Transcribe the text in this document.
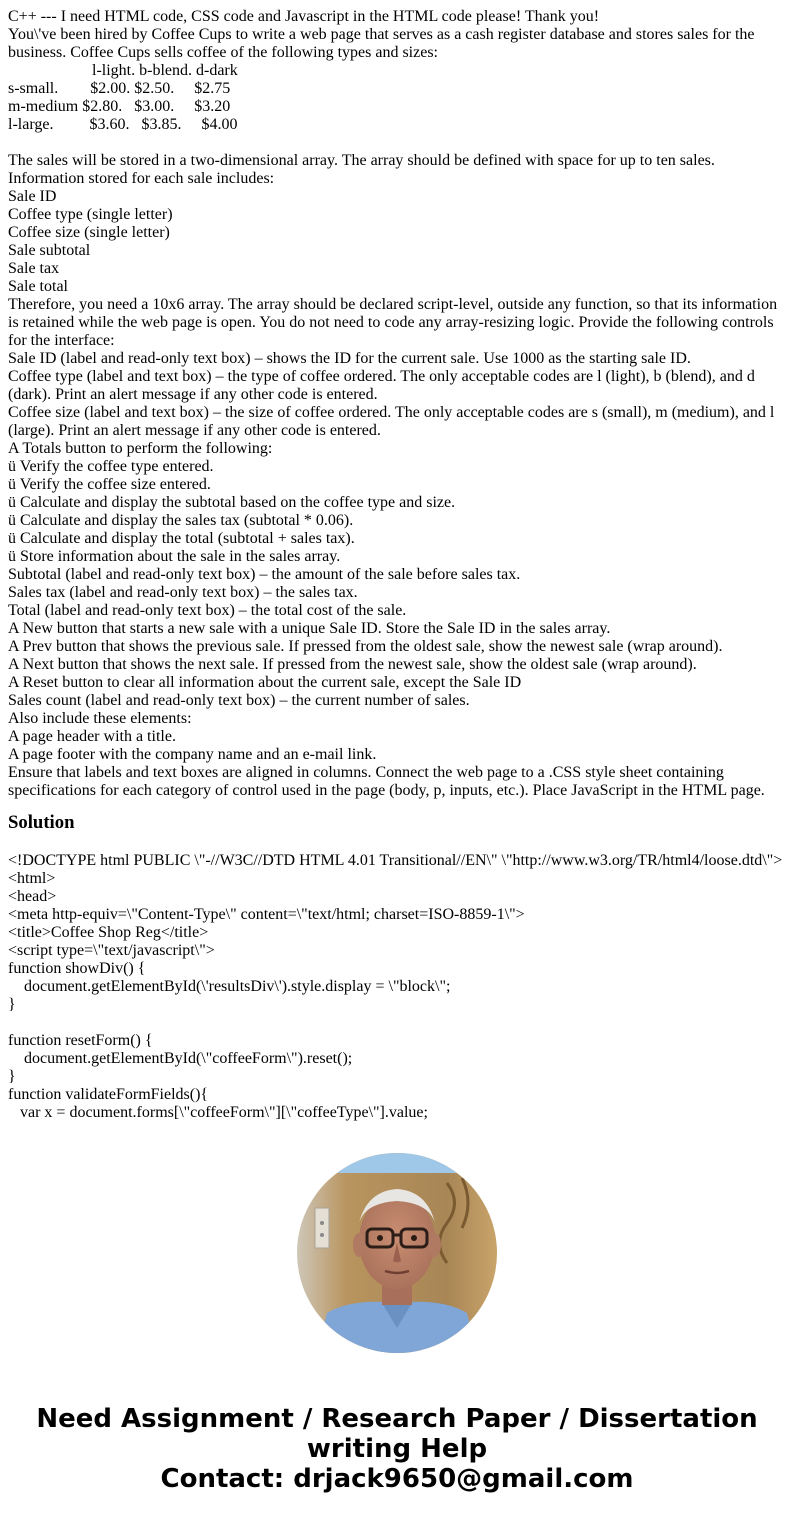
C++ --- I need HTML code, CSS code and Javascript in the HTML code please! Thank you!
You\'ve been hired by Coffee Cups to write a web page that serves as a cash register database and stores sales for the business. Coffee Cups sells coffee of the following types and sizes:
l-light. b-blend. d-dark
s-small.        $2.00. $2.50.     $2.75
m-medium $2.80.   $3.00.     $3.20
l-large.         $3.60.   $3.85.     $4.00
The sales will be stored in a two-dimensional array. The array should be defined with space for up to ten sales. Information stored for each sale includes:
Sale ID
Coffee type (single letter)
Coffee size (single letter)
Sale subtotal
Sale tax
Sale total
Therefore, you need a 10x6 array. The array should be declared script-level, outside any function, so that its information is retained while the web page is open. You do not need to code any array-resizing logic. Provide the following controls for the interface:
Sale ID (label and read-only text box) – shows the ID for the current sale. Use 1000 as the starting sale ID.
Coffee type (label and text box) – the type of coffee ordered. The only acceptable codes are l (light), b (blend), and d (dark). Print an alert message if any other code is entered.
Coffee size (label and text box) – the size of coffee ordered. The only acceptable codes are s (small), m (medium), and l (large). Print an alert message if any other code is entered.
A Totals button to perform the following:
ü Verify the coffee type entered.
ü Verify the coffee size entered.
ü Calculate and display the subtotal based on the coffee type and size.
ü Calculate and display the sales tax (subtotal * 0.06).
ü Calculate and display the total (subtotal + sales tax).
ü Store information about the sale in the sales array.
Subtotal (label and read-only text box) – the amount of the sale before sales tax.
Sales tax (label and read-only text box) – the sales tax.
Total (label and read-only text box) – the total cost of the sale.
A New button that starts a new sale with a unique Sale ID. Store the Sale ID in the sales array.
A Prev button that shows the previous sale. If pressed from the oldest sale, show the newest sale (wrap around).
A Next button that shows the next sale. If pressed from the newest sale, show the oldest sale (wrap around).
A Reset button to clear all information about the current sale, except the Sale ID
Sales count (label and read-only text box) – the current number of sales.
Also include these elements:
A page header with a title.
A page footer with the company name and an e-mail link.
Ensure that labels and text boxes are aligned in columns. Connect the web page to a .CSS style sheet containing specifications for each category of control used in the page (body, p, inputs, etc.). Place JavaScript in the HTML page.
Solution
<!DOCTYPE html PUBLIC \"-//W3C//DTD HTML 4.01 Transitional//EN\" \"http://www.w3.org/TR/html4/loose.dtd\">
<html>
<head>
<meta http-equiv=\"Content-Type\" content=\"text/html; charset=ISO-8859-1\">
<title>Coffee Shop Reg</title>
<script type=\"text/javascript\">
function showDiv() {
document.getElementById(\'resultsDiv\').style.display = \"block\";
}
function resetForm() {
document.getElementById(\"coffeeForm\").reset();
}
function validateFormFields(){
var x = document.forms[\"coffeeForm\"][\"coffeeType\"].value;
Need Assignment / Research Paper / Dissertation
writing Help
Contact: drjack9650@gmail.com
